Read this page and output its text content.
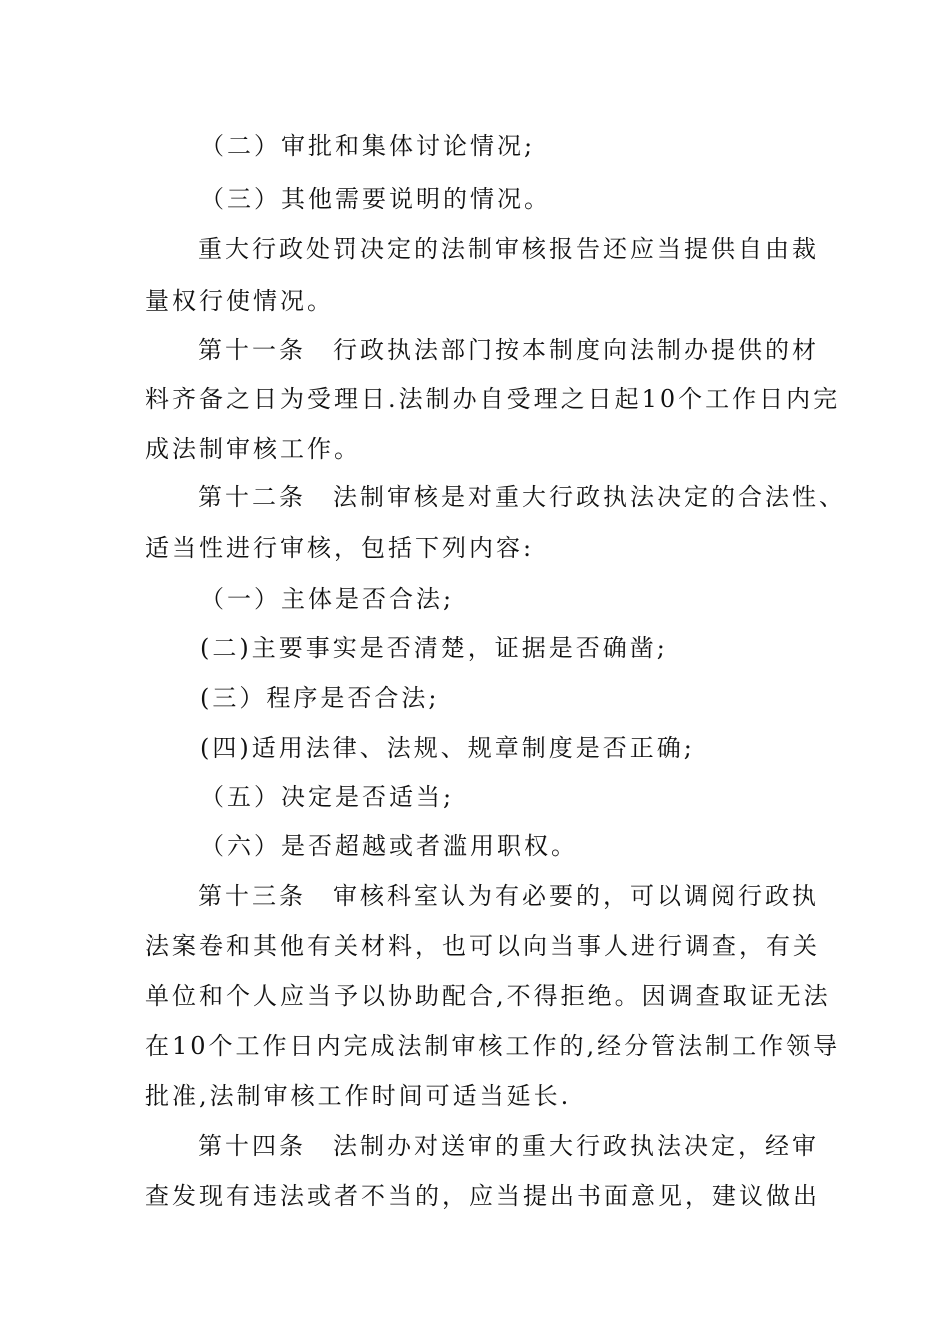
（二）审批和集体讨论情况;
（三）其他需要说明的情况。
重大行政处罚决定的法制审核报告还应当提供自由裁
量权行使情况。
第十一条　行政执法部门按本制度向法制办提供的材
料齐备之日为受理日.法制办自受理之日起10个工作日内完
成法制审核工作。
第十二条　法制审核是对重大行政执法决定的合法性、
适当性进行审核，包括下列内容:
（一）主体是否合法;
(二)主要事实是否清楚，证据是否确凿;
(三）程序是否合法;
(四)适用法律、法规、规章制度是否正确;
（五）决定是否适当;
（六）是否超越或者滥用职权。
第十三条　审核科室认为有必要的，可以调阅行政执
法案卷和其他有关材料，也可以向当事人进行调查，有关
单位和个人应当予以协助配合,不得拒绝。因调查取证无法
在10个工作日内完成法制审核工作的,经分管法制工作领导
批准,法制审核工作时间可适当延长.
第十四条　法制办对送审的重大行政执法决定，经审
查发现有违法或者不当的，应当提出书面意见，建议做出
